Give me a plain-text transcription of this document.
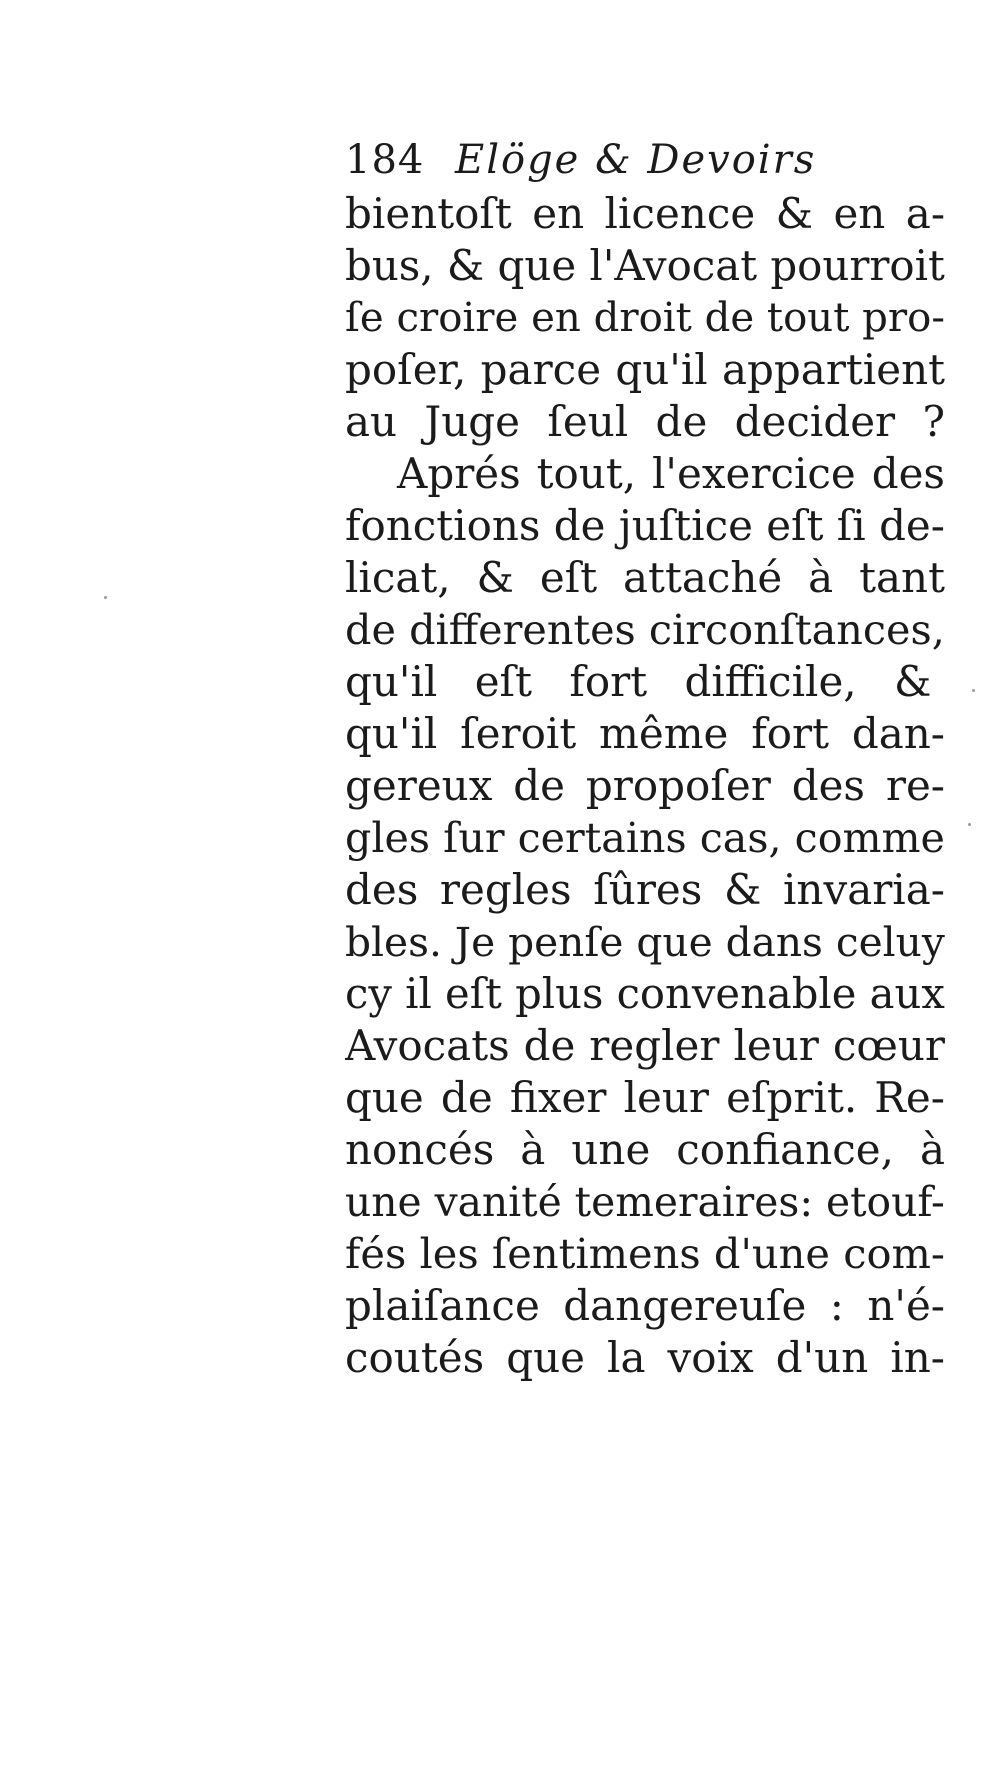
184 Elöge & Devoirs
bientoſt en licence & en a-
bus, & que l'Avocat pourroit
ſe croire en droit de tout pro-
poſer, parce qu'il appartient
au Juge ſeul de decider ?
Aprés tout, l'exercice des
fonctions de juſtice eſt ſi de-
licat, & eſt attaché à tant
de differentes circonſtances,
qu'il eſt fort difficile, &
qu'il ſeroit même fort dan-
gereux de propoſer des re-
gles ſur certains cas, comme
des regles ſûres & invaria-
bles. Je penſe que dans celuy
cy il eſt plus convenable aux
Avocats de regler leur cœur
que de fixer leur eſprit. Re-
noncés à une confiance, à
une vanité temeraires: etouf-
fés les ſentimens d'une com-
plaiſance dangereuſe : n'é-
coutés que la voix d'un in-
